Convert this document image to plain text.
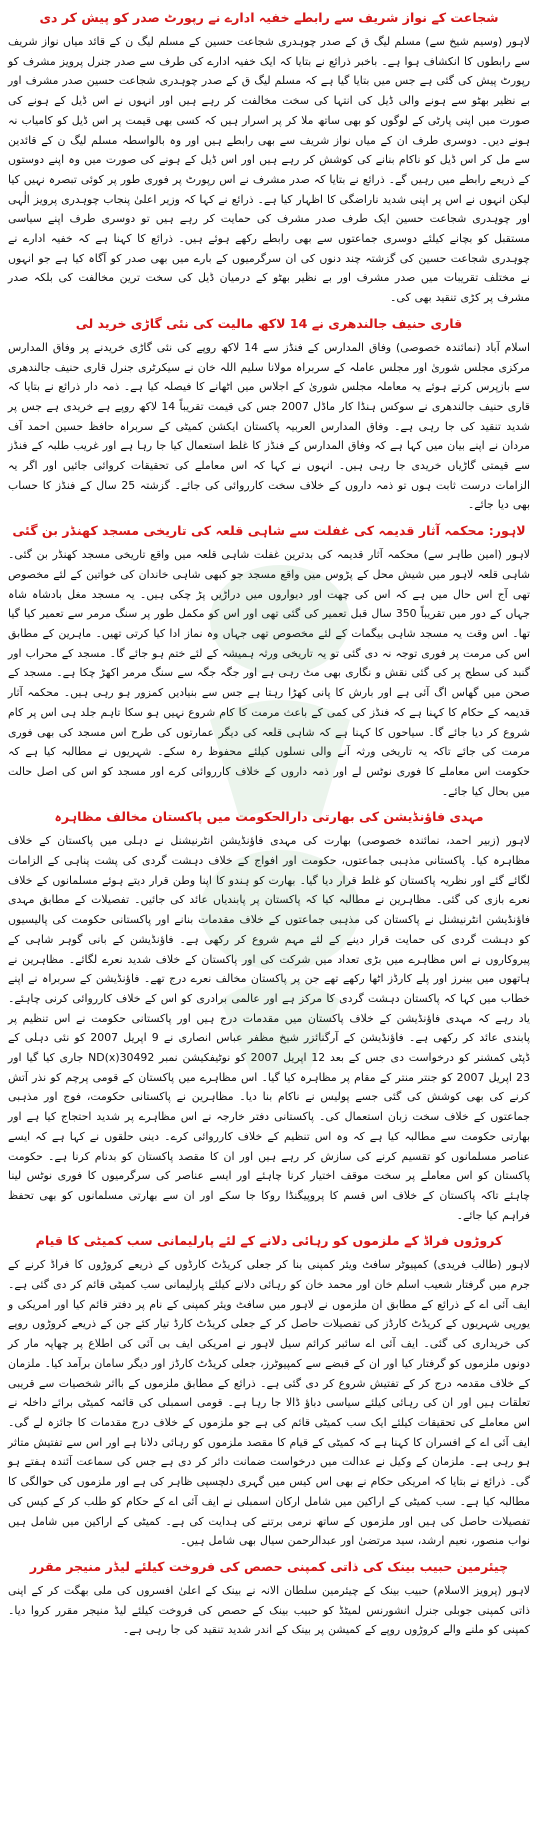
شجاعت کے نواز شریف سے رابطے خفیہ ادارے نے رپورٹ صدر کو پیش کر دی

لاہور (وسیم شیخ سے) مسلم لیگ ق کے صدر چوہدری شجاعت حسین کے مسلم لیگ ن کے قائد میاں نواز شریف سے رابطوں کا انکشاف ہوا ہے۔ باخبر ذرائع نے بتایا کہ ایک خفیہ ادارے کی طرف سے صدر جنرل پرویز مشرف کو رپورٹ پیش کی گئی ہے جس میں بتایا گیا ہے کہ مسلم لیگ ق کے صدر چوہدری شجاعت حسین صدر مشرف اور بے نظیر بھٹو سے ہونے والی ڈیل کی انتہا کی سخت مخالفت کر رہے ہیں اور انہوں نے اس ڈیل کے ہونے کی صورت میں اپنی پارٹی کے لوگوں کو بھی ساتھ ملا کر پر اسرار ہیں کہ کسی بھی قیمت پر اس ڈیل کو کامیاب نہ ہونے دیں۔ دوسری طرف ان کے میاں نواز شریف سے بھی رابطے ہیں اور وہ بالواسطہ مسلم لیگ ن کے قائدین سے مل کر اس ڈیل کو ناکام بنانے کی کوشش کر رہے ہیں اور اس ڈیل کے ہونے کی صورت میں وہ اپنے دوستوں کے ذریعے رابطے میں رہیں گے۔ ذرائع نے بتایا کہ صدر مشرف نے اس رپورٹ پر فوری طور پر کوئی تبصرہ نہیں کیا لیکن انہوں نے اس پر اپنی شدید ناراضگی کا اظہار کیا ہے۔ ذرائع نے کہا کہ وزیر اعلیٰ پنجاب چوہدری پرویز الٰہی اور چوہدری شجاعت حسین ایک طرف صدر مشرف کی حمایت کر رہے ہیں تو دوسری طرف اپنے سیاسی مستقبل کو بچانے کیلئے دوسری جماعتوں سے بھی رابطے رکھے ہوئے ہیں۔ ذرائع کا کہنا ہے کہ خفیہ ادارے نے چوہدری شجاعت حسین کی گزشتہ چند دنوں کی ان سرگرمیوں کے بارے میں بھی صدر کو آگاہ کیا ہے جو انہوں نے مختلف تقریبات میں صدر مشرف اور بے نظیر بھٹو کے درمیان ڈیل کی سخت ترین مخالفت کی بلکہ صدر مشرف پر کڑی تنقید بھی کی۔

قاری حنیف جالندھری نے 14 لاکھ مالیت کی نئی گاڑی خرید لی

اسلام آباد (نمائندہ خصوصی) وفاق المدارس کے فنڈز سے 14 لاکھ روپے کی نئی گاڑی خریدنے پر وفاق المدارس مرکزی مجلس شوریٰ اور مجلس عاملہ کے سربراہ مولانا سلیم اللہ خان نے سیکرٹری جنرل قاری حنیف جالندھری سے بازپرس کرتے ہوئے یہ معاملہ مجلس شوریٰ کے اجلاس میں اٹھانے کا فیصلہ کیا ہے۔ ذمہ دار ذرائع نے بتایا کہ قاری حنیف جالندھری نے سوکس ہنڈا کار ماڈل 2007 جس کی قیمت تقریباً 14 لاکھ روپے ہے خریدی ہے جس پر شدید تنقید کی جا رہی ہے۔ وفاق المدارس العربیہ پاکستان ایکشن کمیٹی کے سربراہ حافظ حسین احمد آف مردان نے اپنے بیان میں کہا ہے کہ وفاق المدارس کے فنڈز کا غلط استعمال کیا جا رہا ہے اور غریب طلبہ کے فنڈز سے قیمتی گاڑیاں خریدی جا رہی ہیں۔ انہوں نے کہا کہ اس معاملے کی تحقیقات کروائی جائیں اور اگر یہ الزامات درست ثابت ہوں تو ذمہ داروں کے خلاف سخت کارروائی کی جائے۔ گزشتہ 25 سال کے فنڈز کا حساب بھی دیا جائے۔

لاہور: محکمہ آثار قدیمہ کی غفلت سے شاہی قلعہ کی تاریخی مسجد کھنڈر بن گئی

لاہور (امین طاہر سے) محکمہ آثار قدیمہ کی بدترین غفلت شاہی قلعہ میں واقع تاریخی مسجد کھنڈر بن گئی۔ شاہی قلعہ لاہور میں شیش محل کے پڑوس میں واقع مسجد جو کبھی شاہی خاندان کی خواتین کے لئے مخصوص تھی آج اس حال میں ہے کہ اس کی چھت اور دیواروں میں دراڑیں پڑ چکی ہیں۔ یہ مسجد مغل بادشاہ شاہ جہاں کے دور میں تقریباً 350 سال قبل تعمیر کی گئی تھی اور اس کو مکمل طور پر سنگ مرمر سے تعمیر کیا گیا تھا۔ اس وقت یہ مسجد شاہی بیگمات کے لئے مخصوص تھی جہاں وہ نماز ادا کیا کرتی تھیں۔ ماہرین کے مطابق اس کی مرمت پر فوری توجہ نہ دی گئی تو یہ تاریخی ورثہ ہمیشہ کے لئے ختم ہو جائے گا۔ مسجد کے محراب اور گنبد کی سطح پر کی گئی نقش و نگاری بھی مٹ رہی ہے اور جگہ جگہ سے سنگ مرمر اکھڑ چکا ہے۔ مسجد کے صحن میں گھاس اگ آئی ہے اور بارش کا پانی کھڑا رہتا ہے جس سے بنیادیں کمزور ہو رہی ہیں۔ محکمہ آثار قدیمہ کے حکام کا کہنا ہے کہ فنڈز کی کمی کے باعث مرمت کا کام شروع نہیں ہو سکا تاہم جلد ہی اس پر کام شروع کر دیا جائے گا۔ سیاحوں کا کہنا ہے کہ شاہی قلعہ کی دیگر عمارتوں کی طرح اس مسجد کی بھی فوری مرمت کی جائے تاکہ یہ تاریخی ورثہ آنے والی نسلوں کیلئے محفوظ رہ سکے۔ شہریوں نے مطالبہ کیا ہے کہ حکومت اس معاملے کا فوری نوٹس لے اور ذمہ داروں کے خلاف کارروائی کرے اور مسجد کو اس کی اصل حالت میں بحال کیا جائے۔

مہدی فاؤنڈیشن کی بھارتی دارالحکومت میں پاکستان مخالف مظاہرہ

لاہور (زبیر احمد، نمائندہ خصوصی) بھارت کی مہدی فاؤنڈیشن انٹرنیشنل نے دہلی میں پاکستان کے خلاف مظاہرہ کیا۔ پاکستانی مذہبی جماعتوں، حکومت اور افواج کے خلاف دہشت گردی کی پشت پناہی کے الزامات لگائے گئے اور نظریہ پاکستان کو غلط قرار دیا گیا۔ بھارت کو ہندو کا اپنا وطن قرار دیتے ہوئے مسلمانوں کے خلاف نعرے بازی کی گئی۔ مظاہرین نے مطالبہ کیا کہ پاکستان پر پابندیاں عائد کی جائیں۔ تفصیلات کے مطابق مہدی فاؤنڈیشن انٹرنیشنل نے پاکستان کی مذہبی جماعتوں کے خلاف مقدمات بنانے اور پاکستانی حکومت کی پالیسیوں کو دہشت گردی کی حمایت قرار دینے کے لئے مہم شروع کر رکھی ہے۔ فاؤنڈیشن کے بانی گوہر شاہی کے پیروکاروں نے اس مظاہرے میں بڑی تعداد میں شرکت کی اور پاکستان کے خلاف شدید نعرے لگائے۔ مظاہرین نے ہاتھوں میں بینرز اور پلے کارڈز اٹھا رکھے تھے جن پر پاکستان مخالف نعرے درج تھے۔ فاؤنڈیشن کے سربراہ نے اپنے خطاب میں کہا کہ پاکستان دہشت گردی کا مرکز ہے اور عالمی برادری کو اس کے خلاف کارروائی کرنی چاہئے۔ یاد رہے کہ مہدی فاؤنڈیشن کے خلاف پاکستان میں مقدمات درج ہیں اور پاکستانی حکومت نے اس تنظیم پر پابندی عائد کر رکھی ہے۔ فاؤنڈیشن کے آرگنائزر شیخ مظفر عباس انصاری نے 9 اپریل 2007 کو نئی دہلی کے ڈپٹی کمشنر کو درخواست دی جس کے بعد 12 اپریل 2007 کو نوٹیفکیشن نمبر ND(x)30492 جاری کیا گیا اور 23 اپریل 2007 کو جنتر منتر کے مقام پر مظاہرہ کیا گیا۔ اس مظاہرے میں پاکستان کے قومی پرچم کو نذر آتش کرنے کی بھی کوشش کی گئی جسے پولیس نے ناکام بنا دیا۔ مظاہرین نے پاکستانی حکومت، فوج اور مذہبی جماعتوں کے خلاف سخت زبان استعمال کی۔ پاکستانی دفتر خارجہ نے اس مظاہرے پر شدید احتجاج کیا ہے اور بھارتی حکومت سے مطالبہ کیا ہے کہ وہ اس تنظیم کے خلاف کارروائی کرے۔ دینی حلقوں نے کہا ہے کہ ایسے عناصر مسلمانوں کو تقسیم کرنے کی سازش کر رہے ہیں اور ان کا مقصد پاکستان کو بدنام کرنا ہے۔ حکومت پاکستان کو اس معاملے پر سخت موقف اختیار کرنا چاہئے اور ایسے عناصر کی سرگرمیوں کا فوری نوٹس لینا چاہئے تاکہ پاکستان کے خلاف اس قسم کا پروپیگنڈا روکا جا سکے اور ان سے بھارتی مسلمانوں کو بھی تحفظ فراہم کیا جائے۔

کروڑوں فراڈ کے ملزموں کو رہائی دلانے کے لئے پارلیمانی سب کمیٹی کا قیام

لاہور (طالب فریدی) کمپیوٹر سافٹ ویئر کمپنی بنا کر جعلی کریڈٹ کارڈوں کے ذریعے کروڑوں کا فراڈ کرنے کے جرم میں گرفتار شعیب اسلم خان اور محمد خان کو رہائی دلانے کیلئے پارلیمانی سب کمیٹی قائم کر دی گئی ہے۔ ایف آئی اے کے ذرائع کے مطابق ان ملزموں نے لاہور میں سافٹ ویئر کمپنی کے نام پر دفتر قائم کیا اور امریکی و یورپی شہریوں کے کریڈٹ کارڈز کی تفصیلات حاصل کر کے جعلی کریڈٹ کارڈ تیار کئے جن کے ذریعے کروڑوں روپے کی خریداری کی گئی۔ ایف آئی اے سائبر کرائم سیل لاہور نے امریکی ایف بی آئی کی اطلاع پر چھاپہ مار کر دونوں ملزموں کو گرفتار کیا اور ان کے قبضے سے کمپیوٹرز، جعلی کریڈٹ کارڈز اور دیگر سامان برآمد کیا۔ ملزمان کے خلاف مقدمہ درج کر کے تفتیش شروع کر دی گئی ہے۔ ذرائع کے مطابق ملزموں کے بااثر شخصیات سے قریبی تعلقات ہیں اور ان کی رہائی کیلئے سیاسی دباؤ ڈالا جا رہا ہے۔ قومی اسمبلی کی قائمہ کمیٹی برائے داخلہ نے اس معاملے کی تحقیقات کیلئے ایک سب کمیٹی قائم کی ہے جو ملزموں کے خلاف درج مقدمات کا جائزہ لے گی۔ ایف آئی اے کے افسران کا کہنا ہے کہ کمیٹی کے قیام کا مقصد ملزموں کو رہائی دلانا ہے اور اس سے تفتیش متاثر ہو رہی ہے۔ ملزمان کے وکیل نے عدالت میں درخواست ضمانت دائر کر دی ہے جس کی سماعت آئندہ ہفتے ہو گی۔ ذرائع نے بتایا کہ امریکی حکام نے بھی اس کیس میں گہری دلچسپی ظاہر کی ہے اور ملزموں کی حوالگی کا مطالبہ کیا ہے۔ سب کمیٹی کے اراکین میں شامل ارکان اسمبلی نے ایف آئی اے کے حکام کو طلب کر کے کیس کی تفصیلات حاصل کی ہیں اور ملزموں کے ساتھ نرمی برتنے کی ہدایت کی ہے۔ کمیٹی کے اراکین میں شامل ہیں نواب منصور، نعیم ارشد، سید مرتضیٰ اور عبدالرحمن سیال بھی شامل ہیں۔

چیئرمین حبیب بینک کی ذاتی کمپنی حصص کی فروخت کیلئے لیڈر منیجر مقرر

لاہور (پرویز الاسلام) حبیب بینک کے چیئرمین سلطان الانہ نے بینک کے اعلیٰ افسروں کی ملی بھگت کر کے اپنی ذاتی کمپنی جوبلی جنرل انشورنس لمیٹڈ کو حبیب بینک کے حصص کی فروخت کیلئے لیڈ منیجر مقرر کروا دیا۔ کمپنی کو ملنے والے کروڑوں روپے کے کمیشن پر بینک کے اندر شدید تنقید کی جا رہی ہے۔
